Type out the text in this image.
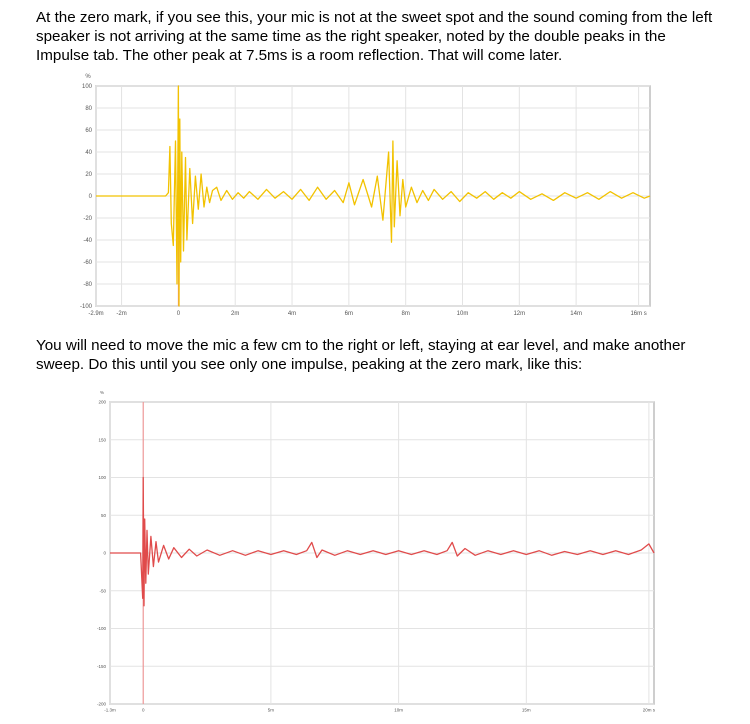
At the zero mark, if you see this, your mic is not at the sweet spot and the sound coming from the left speaker is not arriving at the same time as the right speaker, noted by the double peaks in the Impulse tab. The other peak at 7.5ms is a room reflection. That will come later.

100
80
60
40
20
0
-20
-40
-60
-80
-100
-2.9m -2m	0	2m	4m	6m	8m	10m	12m	14m	16m s
%

You will need to move the mic a few cm to the right or left, staying at ear level, and make another sweep. Do this until you see only one impulse, peaking at the zero mark, like this:

200
150
100
50
0
-50
-100
-150
-200
-1.3m	0	5m	10m	15m	20m s
%
